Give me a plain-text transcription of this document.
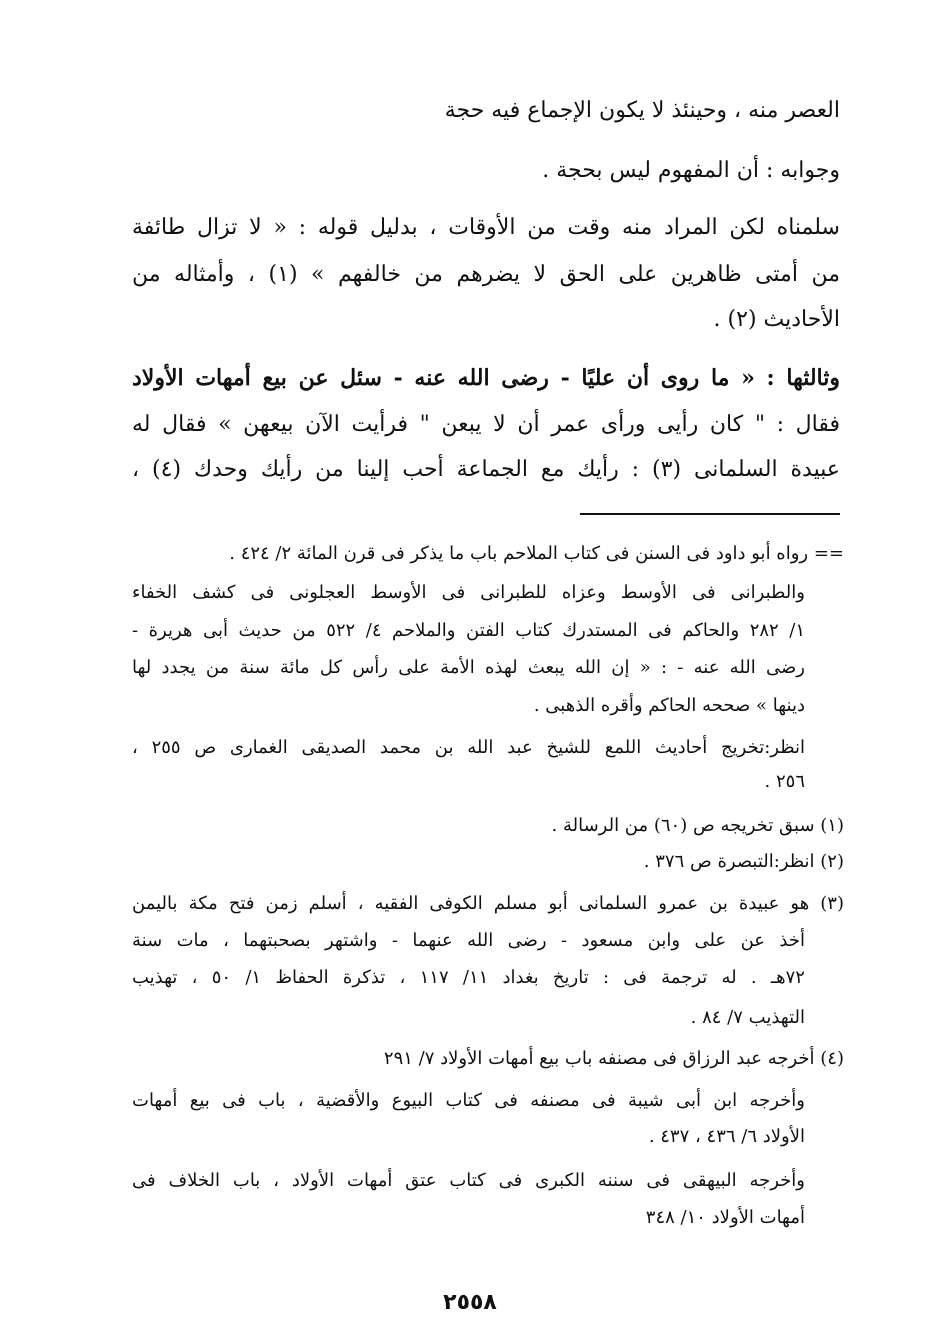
العصر منه ، وحينئذ لا يكون الإجماع فيه حجة
وجوابه : أن المفهوم ليس بحجة .
سلمناه لكن المراد منه وقت من الأوقات ، بدليل قوله : « لا تزال طائفة
من أمتى ظاهرين على الحق لا يضرهم من خالفهم » (١) ، وأمثاله من
الأحاديث (٢) .
وثالثها : « ما روى أن عليًا - رضى الله عنه - سئل عن بيع أمهات الأولاد
فقال : " كان رأيى ورأى عمر أن لا يبعن " فرأيت الآن بيعهن » فقال له
عبيدة السلمانى (٣) : رأيك مع الجماعة أحب إلينا من رأيك وحدك (٤) ،
== رواه أبو داود فى السنن فى كتاب الملاحم باب ما يذكر فى قرن المائة ٢/ ٤٢٤ .
والطبرانى فى الأوسط وعزاه للطبرانى فى الأوسط العجلونى فى كشف الخفاء
١/ ٢٨٢ والحاكم فى المستدرك كتاب الفتن والملاحم ٤/ ٥٢٢ من حديث أبى هريرة -
رضى الله عنه - : « إن الله يبعث لهذه الأمة على رأس كل مائة سنة من يجدد لها
دينها » صححه الحاكم وأقره الذهبى .
انظر:تخريج أحاديث اللمع للشيخ عبد الله بن محمد الصديقى الغمارى ص ٢٥٥ ،
٢٥٦ .
(١) سبق تخريجه ص (٦٠) من الرسالة .
(٢) انظر:التبصرة ص ٣٧٦ .
(٣) هو عبيدة بن عمرو السلمانى أبو مسلم الكوفى الفقيه ، أسلم زمن فتح مكة باليمن
أخذ عن على وابن مسعود - رضى الله عنهما - واشتهر بصحبتهما ، مات سنة
٧٢هـ . له ترجمة فى : تاريخ بغداد ١١/ ١١٧ ، تذكرة الحفاظ ١/ ٥٠ ، تهذيب
التهذيب ٧/ ٨٤ .
(٤) أخرجه عبد الرزاق فى مصنفه باب بيع أمهات الأولاد ٧/ ٢٩١
وأخرجه ابن أبى شيبة فى مصنفه فى كتاب البيوع والأقضية ، باب فى بيع أمهات
الأولاد ٦/ ٤٣٦ ، ٤٣٧ .
وأخرجه البيهقى فى سننه الكبرى فى كتاب عتق أمهات الأولاد ، باب الخلاف فى
أمهات الأولاد ١٠/ ٣٤٨
٢٥٥٨
